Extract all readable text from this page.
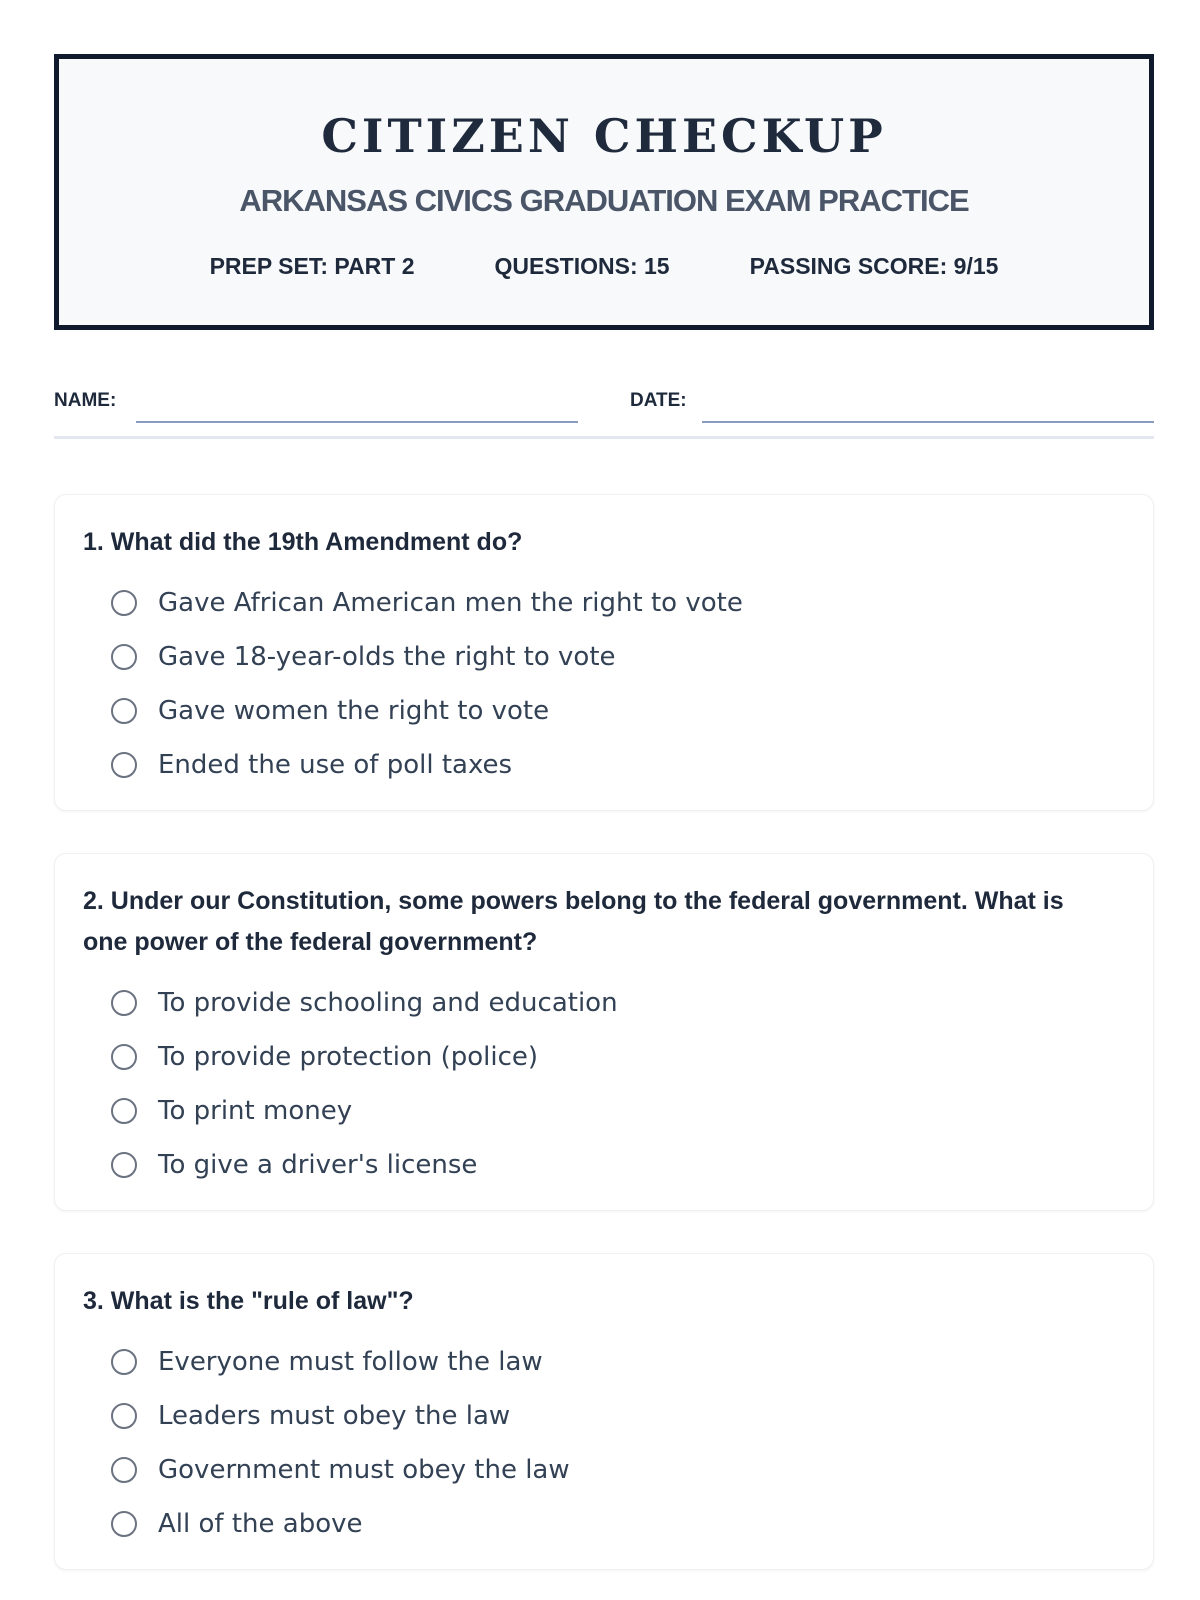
CITIZEN CHECKUP
ARKANSAS CIVICS GRADUATION EXAM PRACTICE
PREP SET: PART 2	QUESTIONS: 15	PASSING SCORE: 9/15
NAME:	DATE:
1. What did the 19th Amendment do?
Gave African American men the right to vote
Gave 18-year-olds the right to vote
Gave women the right to vote
Ended the use of poll taxes
2. Under our Constitution, some powers belong to the federal government. What is one power of the federal government?
To provide schooling and education
To provide protection (police)
To print money
To give a driver's license
3. What is the "rule of law"?
Everyone must follow the law
Leaders must obey the law
Government must obey the law
All of the above
